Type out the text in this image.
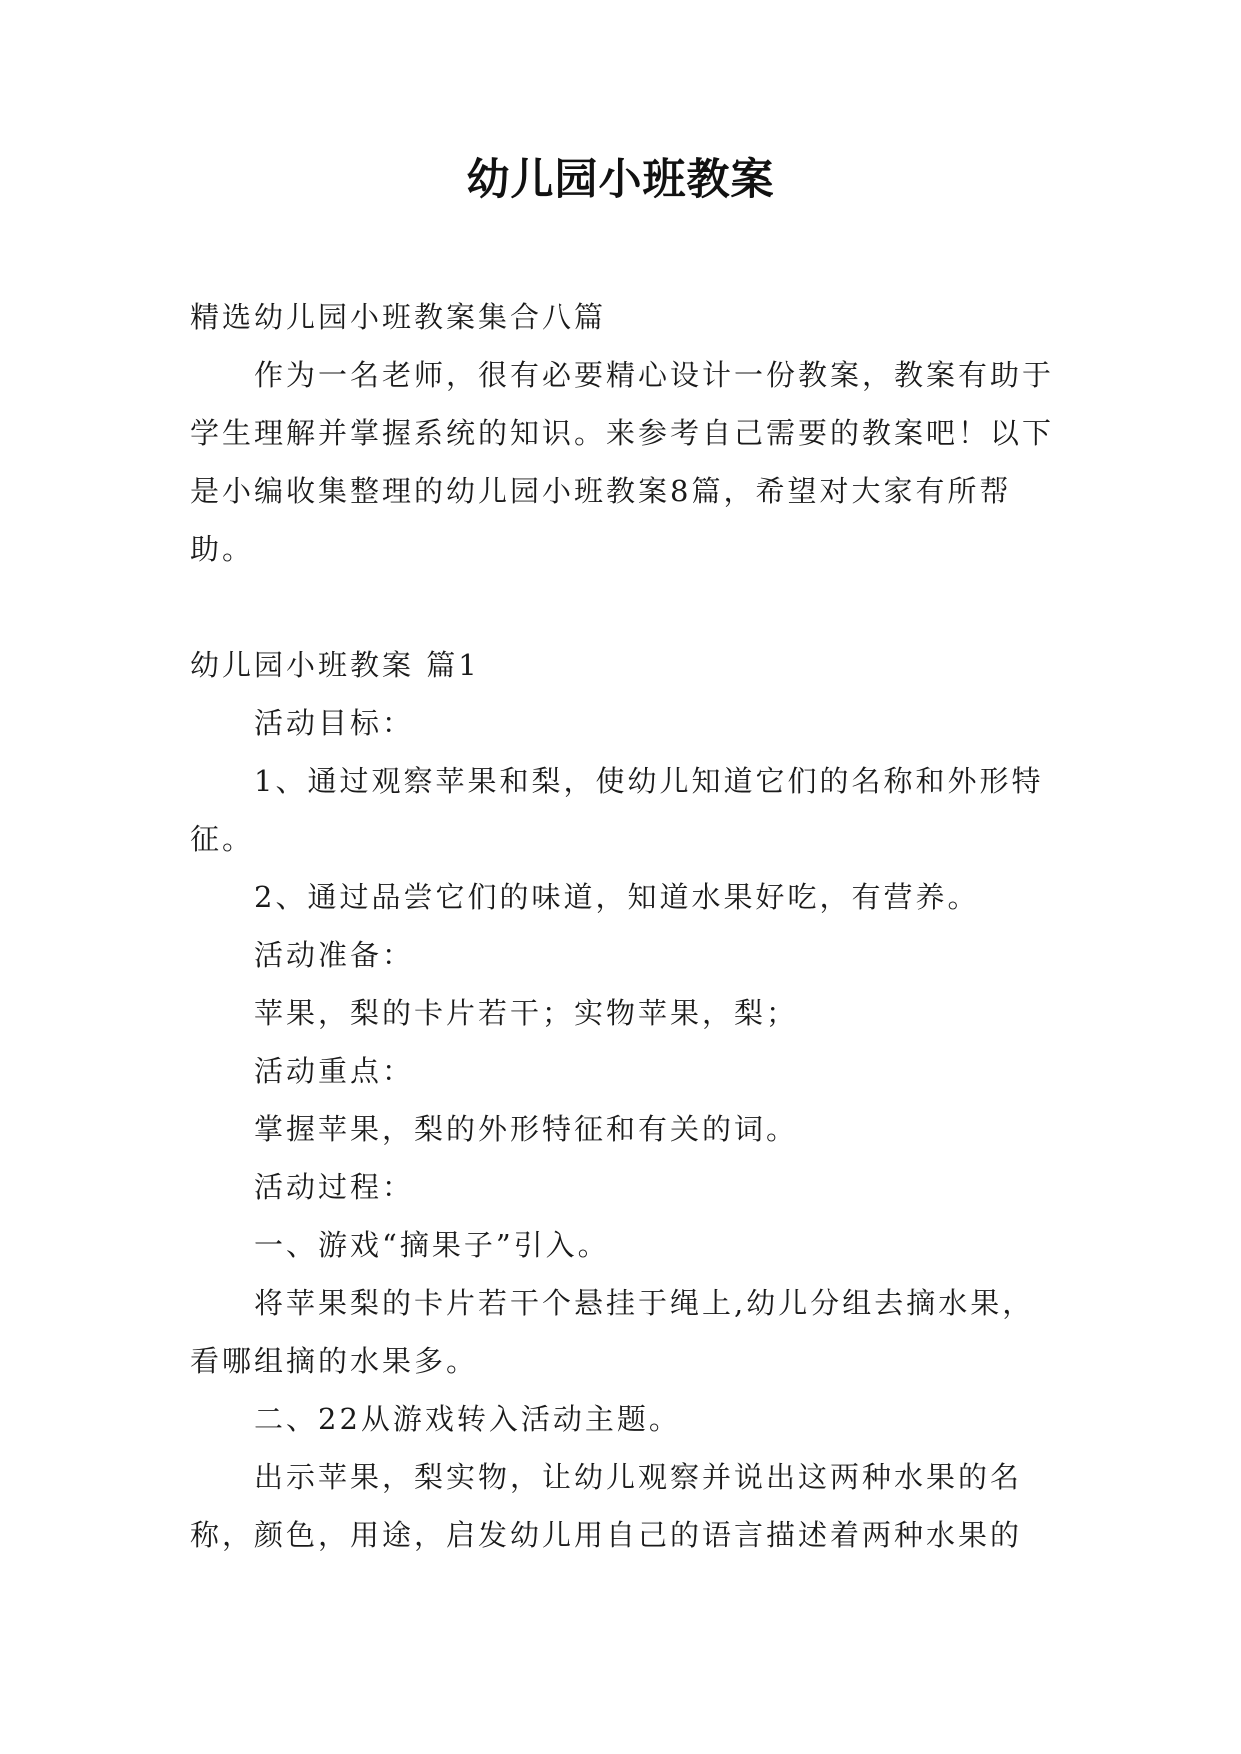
幼儿园小班教案

精选幼儿园小班教案集合八篇

作为一名老师，很有必要精心设计一份教案，教案有助于学生理解并掌握系统的知识。来参考自己需要的教案吧！以下是小编收集整理的幼儿园小班教案8篇，希望对大家有所帮助。

幼儿园小班教案 篇1

活动目标：

1、通过观察苹果和梨，使幼儿知道它们的名称和外形特征。

2、通过品尝它们的味道，知道水果好吃，有营养。

活动准备：

苹果，梨的卡片若干；实物苹果，梨；

活动重点：

掌握苹果，梨的外形特征和有关的词。

活动过程：

一、游戏“摘果子”引入。

将苹果梨的卡片若干个悬挂于绳上,幼儿分组去摘水果，看哪组摘的水果多。

二、22从游戏转入活动主题。

出示苹果，梨实物，让幼儿观察并说出这两种水果的名称，颜色，用途，启发幼儿用自己的语言描述着两种水果的
